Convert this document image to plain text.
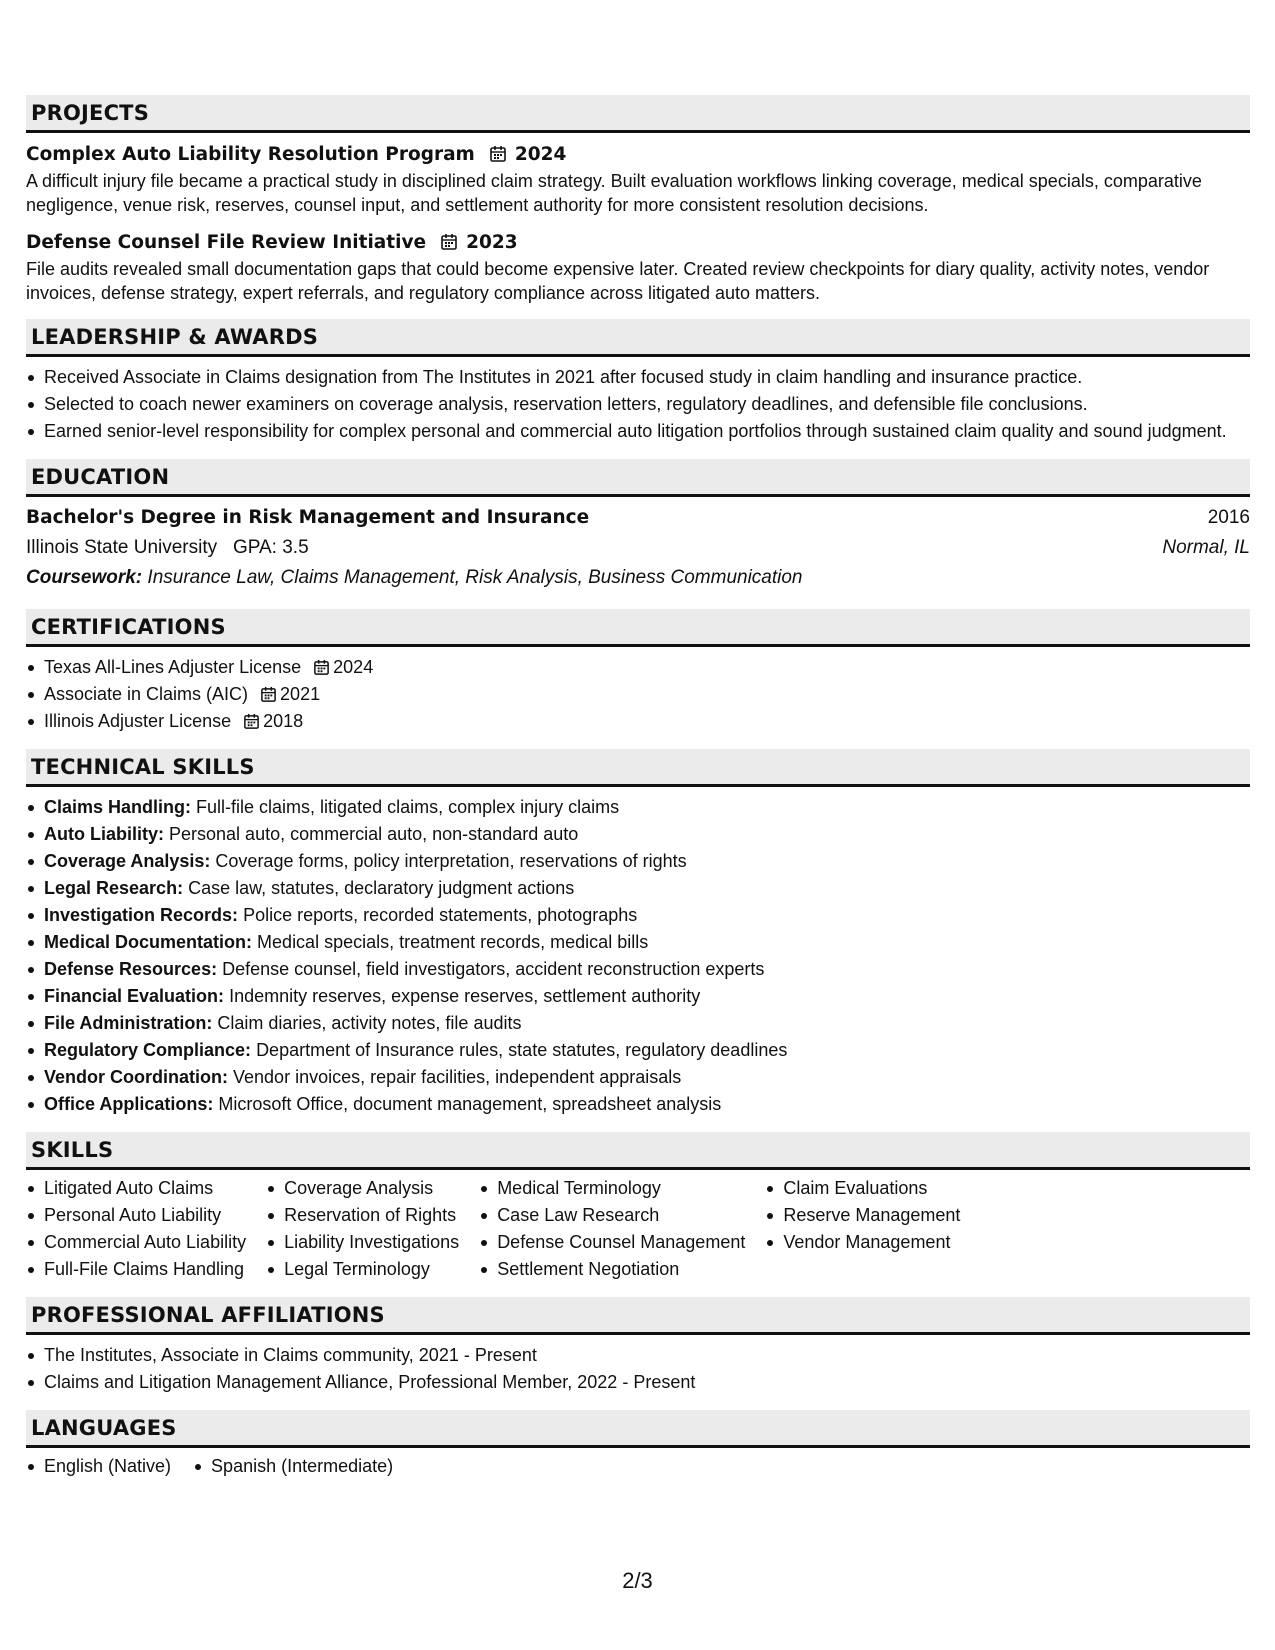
PROJECTS
Complex Auto Liability Resolution Program 2024
A difficult injury file became a practical study in disciplined claim strategy. Built evaluation workflows linking coverage, medical specials, comparative negligence, venue risk, reserves, counsel input, and settlement authority for more consistent resolution decisions.
Defense Counsel File Review Initiative 2023
File audits revealed small documentation gaps that could become expensive later. Created review checkpoints for diary quality, activity notes, vendor invoices, defense strategy, expert referrals, and regulatory compliance across litigated auto matters.
LEADERSHIP & AWARDS
Received Associate in Claims designation from The Institutes in 2021 after focused study in claim handling and insurance practice.
Selected to coach newer examiners on coverage analysis, reservation letters, regulatory deadlines, and defensible file conclusions.
Earned senior-level responsibility for complex personal and commercial auto litigation portfolios through sustained claim quality and sound judgment.
EDUCATION
Bachelor's Degree in Risk Management and Insurance	2016
Illinois State University GPA: 3.5	Normal, IL
Coursework:
Insurance Law, Claims Management, Risk Analysis, Business Communication
CERTIFICATIONS
Texas All-Lines Adjuster License 2024
Associate in Claims (AIC) 2021
Illinois Adjuster License 2018
TECHNICAL SKILLS
Claims Handling: Full-file claims, litigated claims, complex injury claims
Auto Liability: Personal auto, commercial auto, non-standard auto
Coverage Analysis: Coverage forms, policy interpretation, reservations of rights
Legal Research: Case law, statutes, declaratory judgment actions
Investigation Records: Police reports, recorded statements, photographs
Medical Documentation: Medical specials, treatment records, medical bills
Defense Resources: Defense counsel, field investigators, accident reconstruction experts
Financial Evaluation: Indemnity reserves, expense reserves, settlement authority
File Administration: Claim diaries, activity notes, file audits
Regulatory Compliance: Department of Insurance rules, state statutes, regulatory deadlines
Vendor Coordination: Vendor invoices, repair facilities, independent appraisals
Office Applications: Microsoft Office, document management, spreadsheet analysis
SKILLS
Litigated Auto Claims
Personal Auto Liability
Commercial Auto Liability
Full-File Claims Handling
Coverage Analysis
Reservation of Rights
Liability Investigations
Legal Terminology
Medical Terminology
Case Law Research
Defense Counsel Management
Settlement Negotiation
Claim Evaluations
Reserve Management
Vendor Management
PROFESSIONAL AFFILIATIONS
The Institutes, Associate in Claims community, 2021 - Present
Claims and Litigation Management Alliance, Professional Member, 2022 - Present
LANGUAGES
English (Native)	Spanish (Intermediate)
2/3
